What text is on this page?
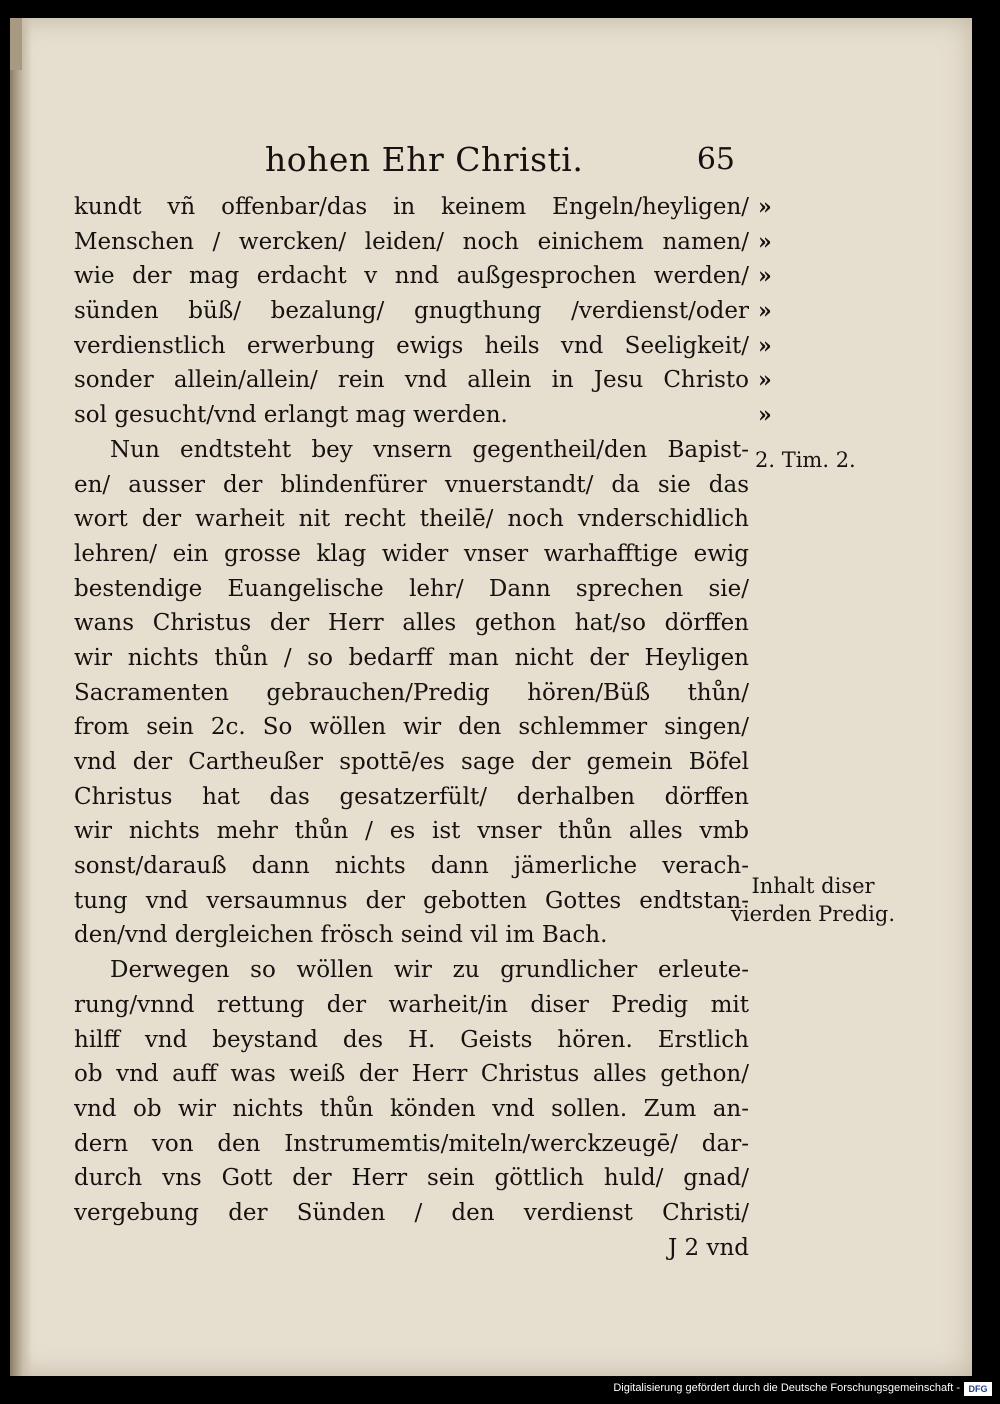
hohen Ehr Christi.	65
kundt vñ offenbar/das in keinem Engeln/heyligen/
Menschen / wercken/ leiden/ noch einichem namen/
wie der mag erdacht v nnd außgesprochen werden/
sünden büß/ bezalung/ gnugthung /verdienst/oder
verdienstlich erwerbung ewigs heils vnd Seeligkeit/
sonder allein/allein/ rein vnd allein in Jesu Christo
sol gesucht/vnd erlangt mag werden.
Nun endtsteht bey vnsern gegentheil/den Bapist-
en/ ausser der blindenfürer vnuerstandt/ da sie das
wort der warheit nit recht theilē/ noch vnderschidlich
lehren/ ein grosse klag wider vnser warhafftige ewig
bestendige Euangelische lehr/ Dann sprechen sie/
wans Christus der Herr alles gethon hat/so dörffen
wir nichts thůn / so bedarff man nicht der Heyligen
Sacramenten gebrauchen/Predig hören/Büß thůn/
from sein 2c. So wöllen wir den schlemmer singen/
vnd der Cartheußer spottē/es sage der gemein Böfel
Christus hat das gesatzerfült/ derhalben dörffen
wir nichts mehr thůn / es ist vnser thůn alles vmb
sonst/darauß dann nichts dann jämerliche verach-
tung vnd versaumnus der gebotten Gottes endtstan-
den/vnd dergleichen frösch seind vil im Bach.
Derwegen so wöllen wir zu grundlicher erleute-
rung/vnnd rettung der warheit/in diser Predig mit
hilff vnd beystand des H. Geists hören. Erstlich
ob vnd auff was weiß der Herr Christus alles gethon/
vnd ob wir nichts thůn könden vnd sollen. Zum an-
dern von den Instrumemtis/miteln/werckzeugē/ dar-
durch vns Gott der Herr sein göttlich huld/ gnad/
vergebung der Sünden / den verdienst Christi/
J 2 vnd
»
»
»
»
»
»
»
2. Tim. 2.
Inhalt diser
vierden Predig.
Digitalisierung gefördert durch die Deutsche Forschungsgemeinschaft - DFG
